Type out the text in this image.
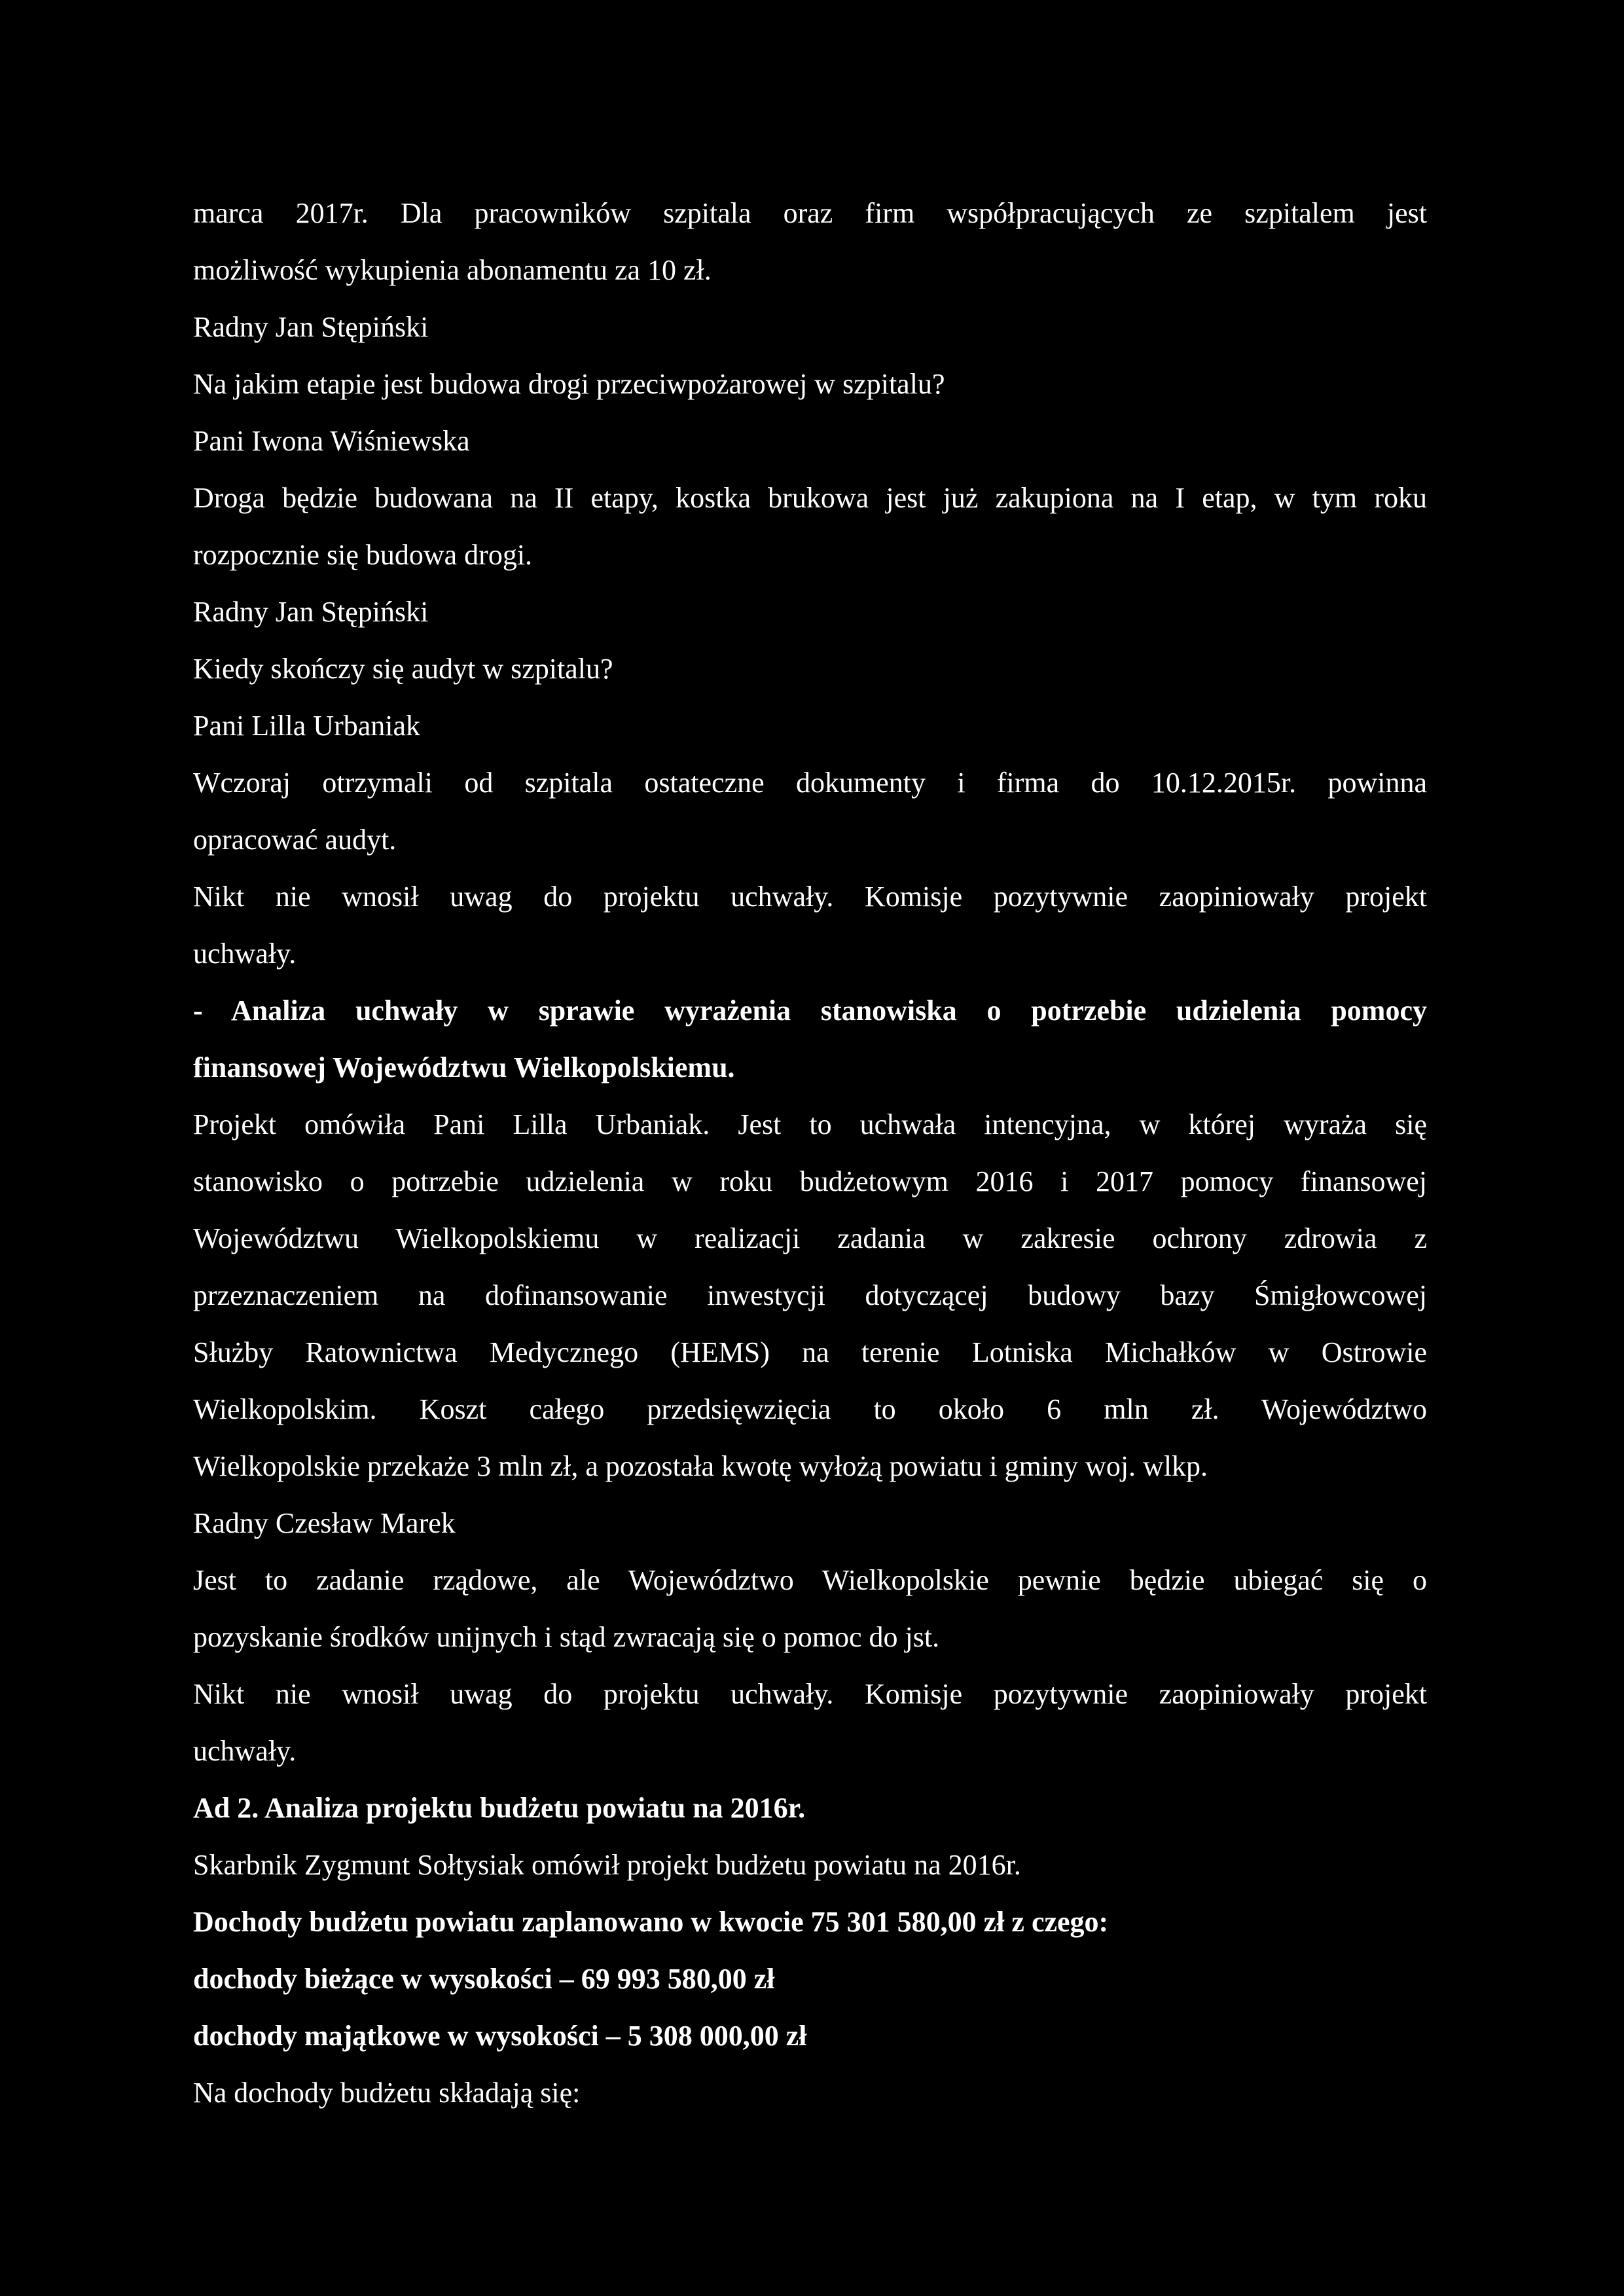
marca 2017r. Dla pracowników szpitala oraz firm współpracujących ze szpitalem jest
możliwość wykupienia abonamentu za 10 zł.
Radny Jan Stępiński
Na jakim etapie jest budowa drogi przeciwpożarowej w szpitalu?
Pani Iwona Wiśniewska
Droga będzie budowana na II etapy, kostka brukowa jest już zakupiona na I etap, w tym roku
rozpocznie się budowa drogi.
Radny Jan Stępiński
Kiedy skończy się audyt w szpitalu?
Pani Lilla Urbaniak
Wczoraj otrzymali od szpitala ostateczne dokumenty i firma do 10.12.2015r. powinna
opracować audyt.
Nikt nie wnosił uwag do projektu uchwały. Komisje pozytywnie zaopiniowały projekt
uchwały.
- Analiza uchwały w sprawie wyrażenia stanowiska o potrzebie udzielenia pomocy
finansowej Województwu Wielkopolskiemu.
Projekt omówiła Pani Lilla Urbaniak. Jest to uchwała intencyjna, w której wyraża się
stanowisko o potrzebie udzielenia w roku budżetowym 2016 i 2017 pomocy finansowej
Województwu Wielkopolskiemu w realizacji zadania w zakresie ochrony zdrowia z
przeznaczeniem na dofinansowanie inwestycji dotyczącej budowy bazy Śmigłowcowej
Służby Ratownictwa Medycznego (HEMS) na terenie Lotniska Michałków w Ostrowie
Wielkopolskim. Koszt całego przedsięwzięcia to około 6 mln zł. Województwo
Wielkopolskie przekaże 3 mln zł, a pozostała kwotę wyłożą powiatu i gminy woj. wlkp.
Radny Czesław Marek
Jest to zadanie rządowe, ale Województwo Wielkopolskie pewnie będzie ubiegać się o
pozyskanie środków unijnych i stąd zwracają się o pomoc do jst.
Nikt nie wnosił uwag do projektu uchwały. Komisje pozytywnie zaopiniowały projekt
uchwały.
Ad 2. Analiza projektu budżetu powiatu na 2016r.
Skarbnik Zygmunt Sołtysiak omówił projekt budżetu powiatu na 2016r.
Dochody budżetu powiatu zaplanowano w kwocie 75 301 580,00 zł z czego:
dochody bieżące w wysokości – 69 993 580,00 zł
dochody majątkowe w wysokości – 5 308 000,00 zł
Na dochody budżetu składają się:
